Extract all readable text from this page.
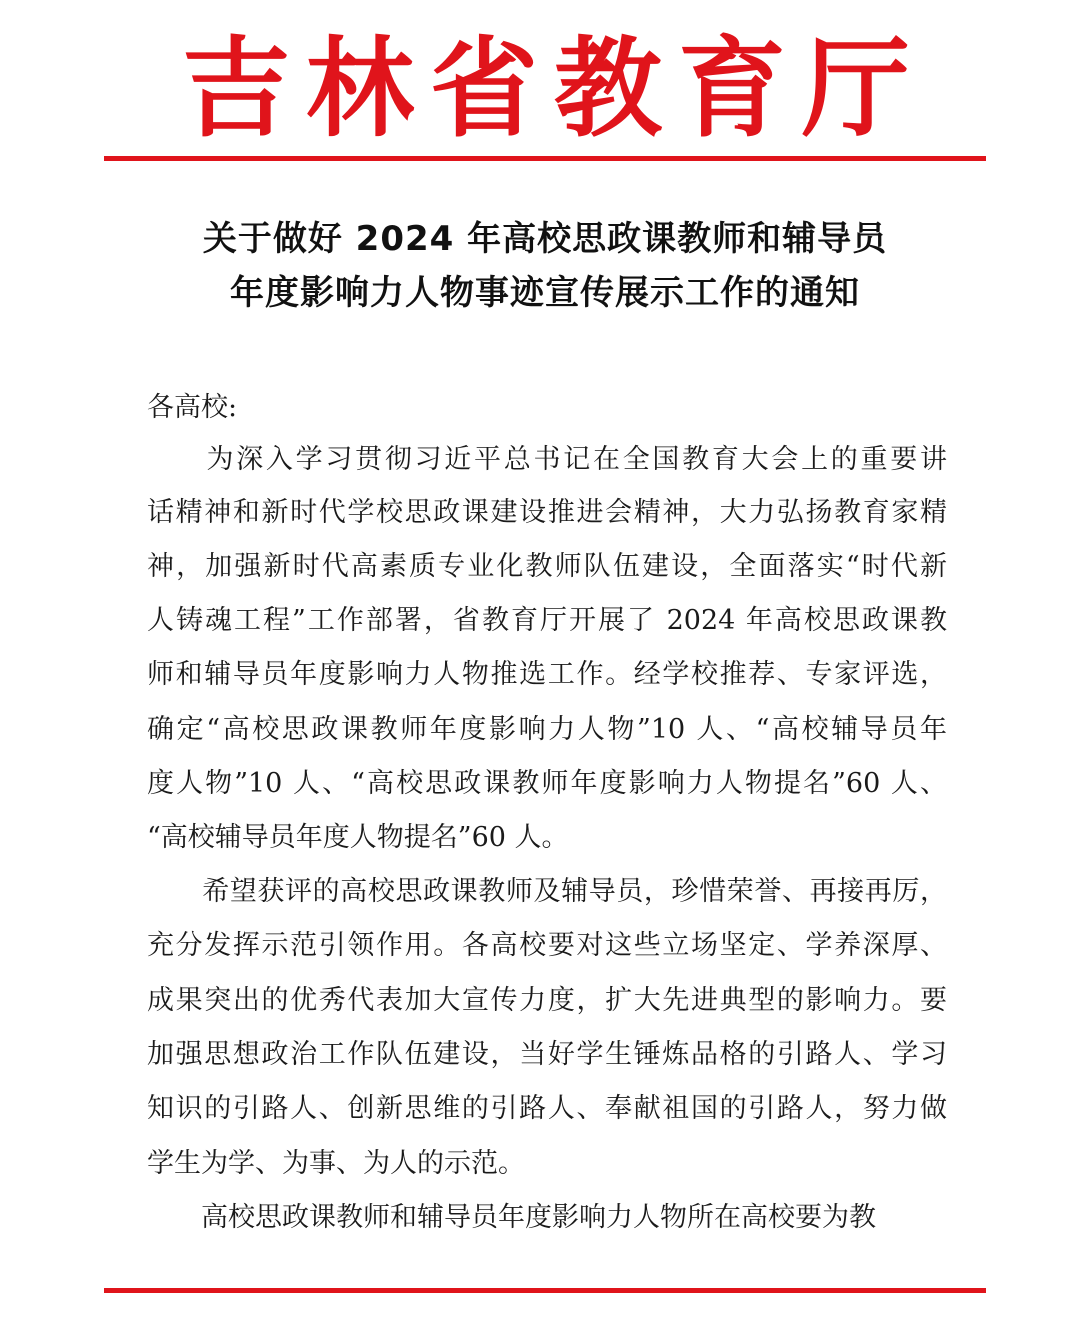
吉 林 省 教 育 厅
关于做好 2024 年高校思政课教师和辅导员
年度影响力人物事迹宣传展示工作的通知
各高校:
　　为深入学习贯彻习近平总书记在全国教育大会上的重要讲
话精神和新时代学校思政课建设推进会精神，大力弘扬教育家精
神，加强新时代高素质专业化教师队伍建设，全面落实“时代新
人铸魂工程”工作部署，省教育厅开展了 2024 年高校思政课教
师和辅导员年度影响力人物推选工作。经学校推荐、专家评选，
确定“高校思政课教师年度影响力人物”10 人、“高校辅导员年
度人物”10 人、“高校思政课教师年度影响力人物提名”60 人、
“高校辅导员年度人物提名”60 人。
　　希望获评的高校思政课教师及辅导员，珍惜荣誉、再接再厉，
充分发挥示范引领作用。各高校要对这些立场坚定、学养深厚、
成果突出的优秀代表加大宣传力度，扩大先进典型的影响力。要
加强思想政治工作队伍建设，当好学生锤炼品格的引路人、学习
知识的引路人、创新思维的引路人、奉献祖国的引路人，努力做
学生为学、为事、为人的示范。
　　高校思政课教师和辅导员年度影响力人物所在高校要为教
